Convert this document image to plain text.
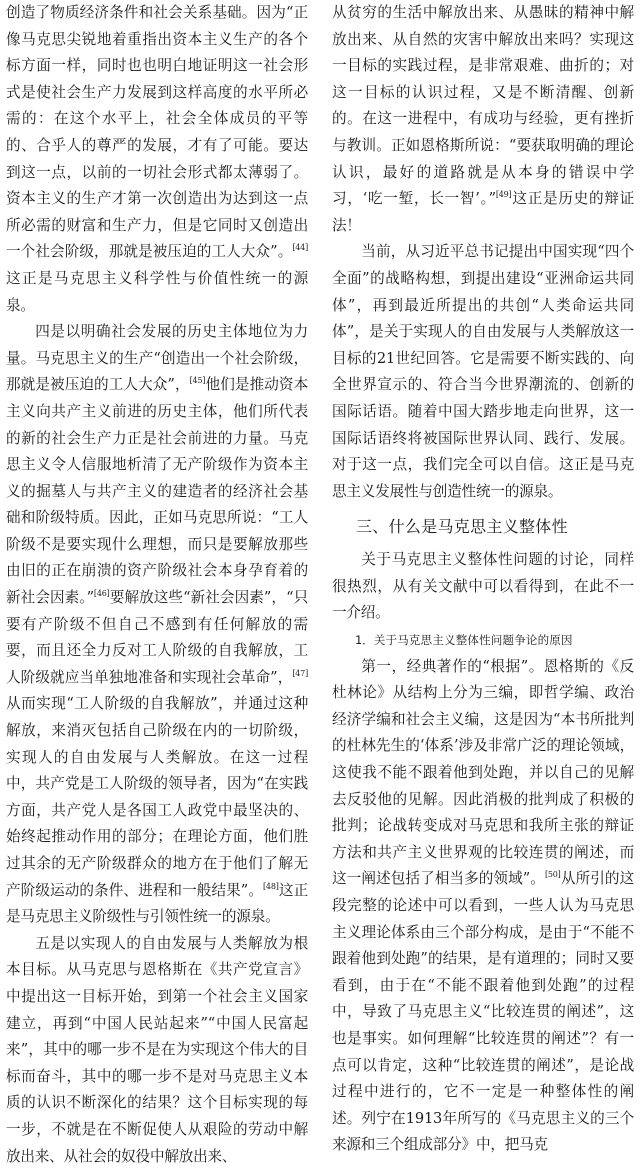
创造了物质经济条件和社会关系基础。因为“正像马克思尖锐地着重指出资本主义生产的各个标方面一样，同时也也明白地证明这一社会形式是使社会生产力发展到这样高度的水平所必需的：在这个水平上，社会全体成员的平等的、合乎人的尊严的发展，才有了可能。要达到这一点，以前的一切社会形式都太薄弱了。资本主义的生产才第一次创造出为达到这一点所必需的财富和生产力，但是它同时又创造出一个社会阶级，那就是被压迫的工人大众”。[44]这正是马克思主义科学性与价值性统一的源泉。

四是以明确社会发展的历史主体地位为力量。马克思主义的生产“创造出一个社会阶级，那就是被压迫的工人大众”，[45]他们是推动资本主义向共产主义前进的历史主体，他们所代表的新的社会生产力正是社会前进的力量。马克思主义令人信服地析清了无产阶级作为资本主义的掘墓人与共产主义的建造者的经济社会基础和阶级特质。因此，正如马克思所说：“工人阶级不是要实现什么理想，而只是要解放那些由旧的正在崩溃的资产阶级社会本身孕育着的新社会因素。”[46]要解放这些“新社会因素”，“只要有产阶级不但自己不感到有任何解放的需要，而且还全力反对工人阶级的自我解放，工人阶级就应当单独地准备和实现社会革命”，[47]从而实现“工人阶级的自我解放”，并通过这种解放，来消灭包括自己阶级在内的一切阶级，实现人的自由发展与人类解放。在这一过程中，共产党是工人阶级的领导者，因为“在实践方面，共产党人是各国工人政党中最坚决的、始终起推动作用的部分；在理论方面，他们胜过其余的无产阶级群众的地方在于他们了解无产阶级运动的条件、进程和一般结果”。[48]这正是马克思主义阶级性与引领性统一的源泉。

五是以实现人的自由发展与人类解放为根本目标。从马克思与恩格斯在《共产党宣言》中提出这一目标开始，到第一个社会主义国家建立，再到“中国人民站起来”“中国人民富起来”，其中的哪一步不是在为实现这个伟大的目标而奋斗，其中的哪一步不是对马克思主义本质的认识不断深化的结果？这个目标实现的每一步，不就是在不断促使人从艰险的劳动中解放出来、从社会的奴役中解放出来、

从贫穷的生活中解放出来、从愚昧的精神中解放出来、从自然的灾害中解放出来吗？实现这一目标的实践过程，是非常艰难、曲折的；对这一目标的认识过程，又是不断清醒、创新的。在这一进程中，有成功与经验，更有挫折与教训。正如恩格斯所说：“要获取明确的理论认识，最好的道路就是从本身的错误中学习，‘吃一堑，长一智’。”[49]这正是历史的辩证法！

当前，从习近平总书记提出中国实现“四个全面”的战略构想，到提出建设“亚洲命运共同体”，再到最近所提出的共创“人类命运共同体”，是关于实现人的自由发展与人类解放这一目标的21世纪回答。它是需要不断实践的、向全世界宣示的、符合当今世界潮流的、创新的国际话语。随着中国大踏步地走向世界，这一国际话语终将被国际世界认同、践行、发展。对于这一点，我们完全可以自信。这正是马克思主义发展性与创造性统一的源泉。

三、什么是马克思主义整体性

关于马克思主义整体性问题的讨论，同样很热烈，从有关文献中可以看得到，在此不一一介绍。

1．关于马克思主义整体性问题争论的原因

第一，经典著作的“根据”。恩格斯的《反杜林论》从结构上分为三编，即哲学编、政治经济学编和社会主义编，这是因为“本书所批判的杜林先生的‘体系’涉及非常广泛的理论领域，这使我不能不跟着他到处跑，并以自己的见解去反驳他的见解。因此消极的批判成了积极的批判；论战转变成对马克思和我所主张的辩证方法和共产主义世界观的比较连贯的阐述，而这一阐述包括了相当多的领域”。[50]从所引的这段完整的论述中可以看到，一些人认为马克思主义理论体系由三个部分构成，是由于“不能不跟着他到处跑”的结果，是有道理的；同时又要看到，由于在“不能不跟着他到处跑”的过程中，导致了马克思主义“比较连贯的阐述”，这也是事实。如何理解“比较连贯的阐述”？有一点可以肯定，这种“比较连贯的阐述”，是论战过程中进行的，它不一定是一种整体性的阐述。列宁在1913年所写的《马克思主义的三个来源和三个组成部分》中，把马克
